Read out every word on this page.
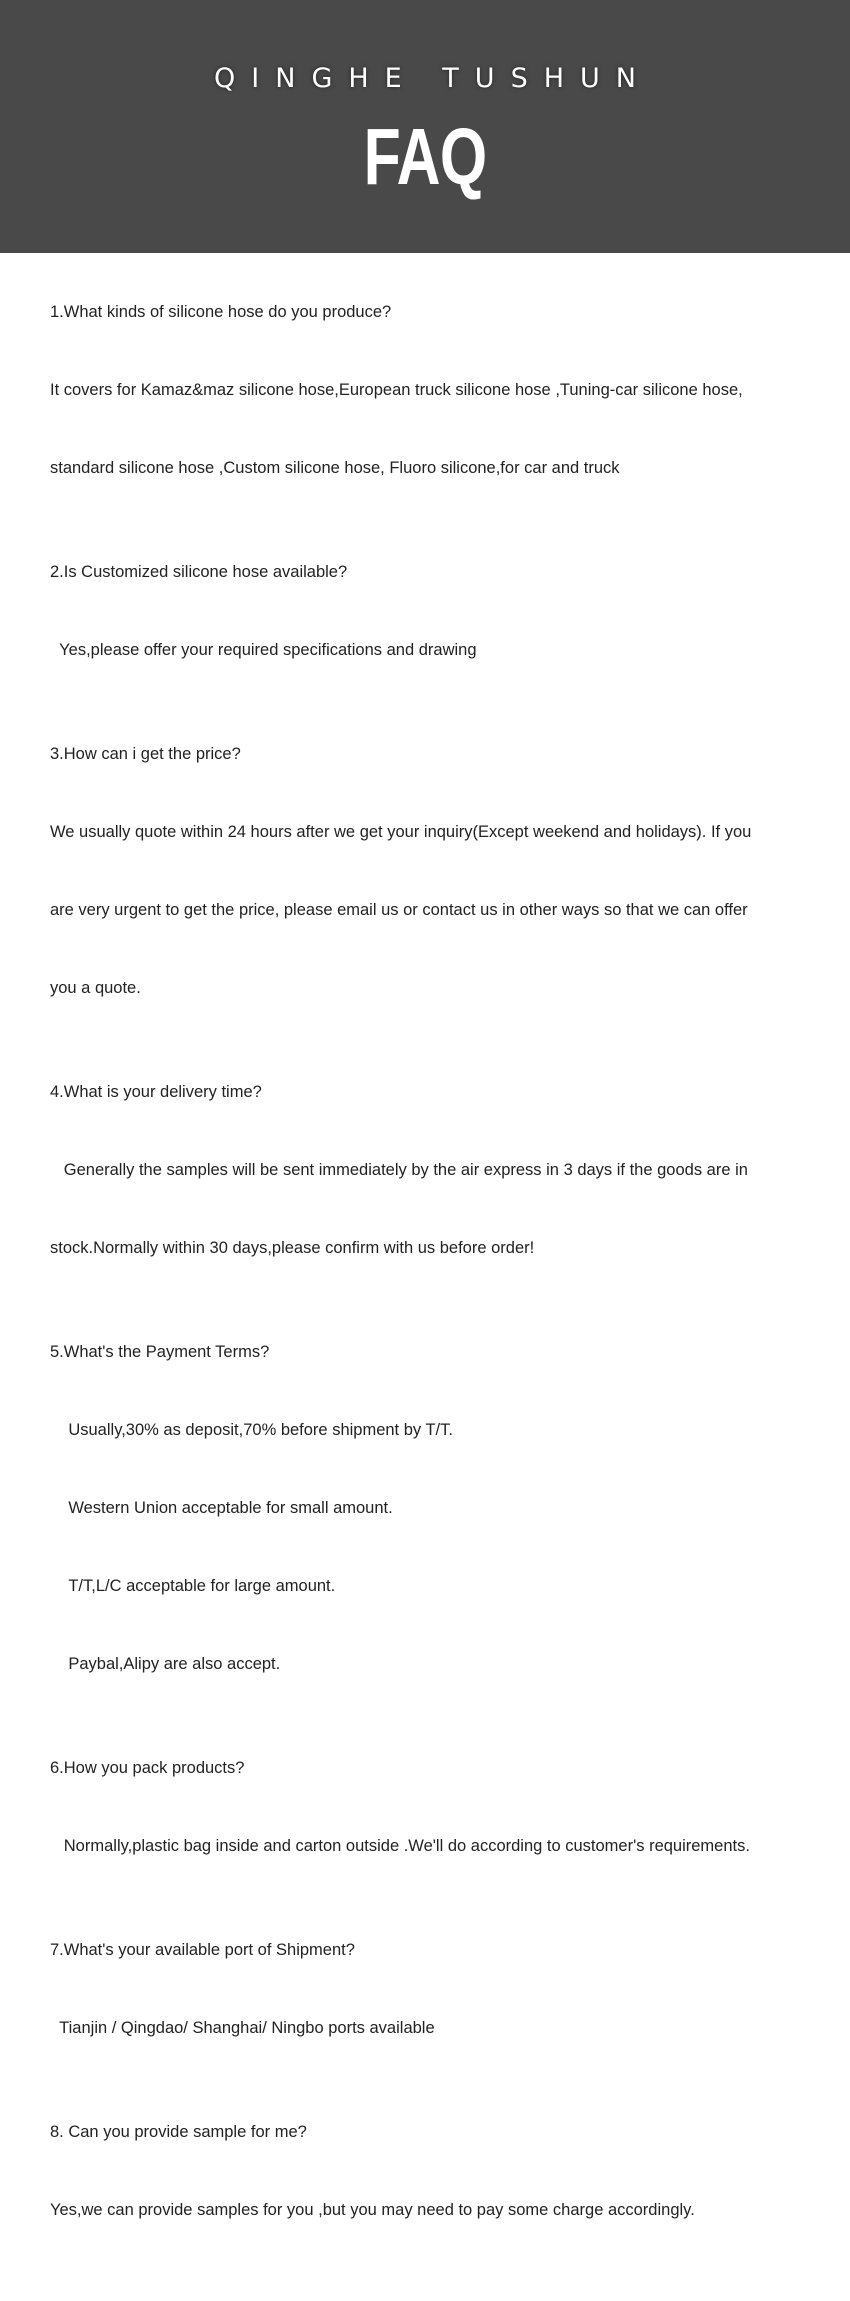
QINGHE TUSHUN
FAQ
1.What kinds of silicone hose do you produce?

It covers for Kamaz&maz silicone hose,European truck silicone hose ,Tuning-car silicone hose,

standard silicone hose ,Custom silicone hose, Fluoro silicone,for car and truck

2.Is Customized silicone hose available?

Yes,please offer your required specifications and drawing

3.How can i get the price?

We usually quote within 24 hours after we get your inquiry(Except weekend and holidays). If you

are very urgent to get the price, please email us or contact us in other ways so that we can offer

you a quote.

4.What is your delivery time?

Generally the samples will be sent immediately by the air express in 3 days if the goods are in

stock.Normally within 30 days,please confirm with us before order!

5.What's the Payment Terms?

Usually,30% as deposit,70% before shipment by T/T.

Western Union acceptable for small amount.

T/T,L/C acceptable for large amount.

Paybal,Alipy are also accept.

6.How you pack products?

Normally,plastic bag inside and carton outside .We'll do according to customer's requirements.

7.What's your available port of Shipment?

Tianjin / Qingdao/ Shanghai/ Ningbo ports available

8. Can you provide sample for me?

Yes,we can provide samples for you ,but you may need to pay some charge accordingly.
